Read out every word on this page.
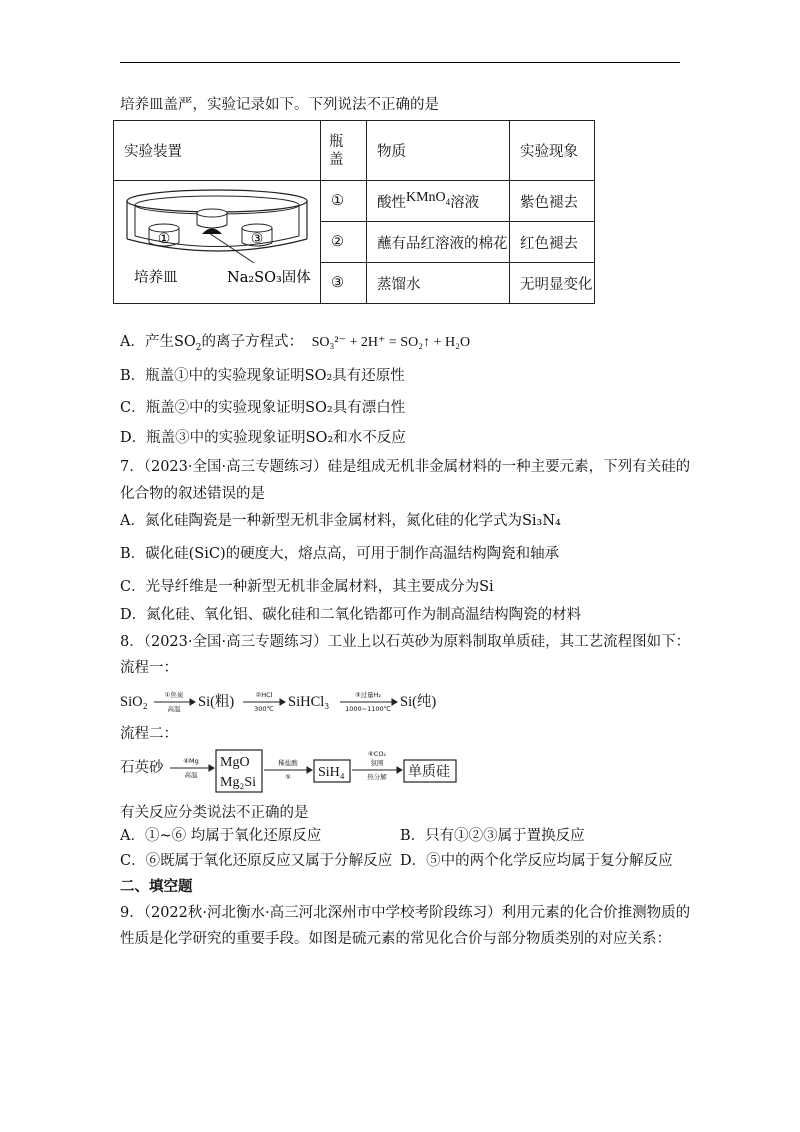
培养皿盖严，实验记录如下。下列说法不正确的是
实验装置	瓶盖	物质	实验现象

① ③
培养皿 Na₂SO₃固体	①	酸性KMnO$_4$溶液	紫色褪去
	②	蘸有品红溶液的棉花	红色褪去
	③	蒸馏水	无明显变化
A．产生$SO_2$的离子方程式： SO₃²⁻ + 2H⁺ = SO₂↑ + H₂O
B．瓶盖①中的实验现象证明SO₂具有还原性
C．瓶盖②中的实验现象证明SO₂具有漂白性
D．瓶盖③中的实验现象证明SO₂和水不反应
7．（2023·全国·高三专题练习）硅是组成无机非金属材料的一种主要元素，下列有关硅的
化合物的叙述错误的是
A．氮化硅陶瓷是一种新型无机非金属材料，氮化硅的化学式为Si₃N₄
B．碳化硅(SiC)的硬度大，熔点高，可用于制作高温结构陶瓷和轴承
C．光导纤维是一种新型无机非金属材料，其主要成分为Si
D．氮化硅、氧化铝、碳化硅和二氧化锆都可作为制高温结构陶瓷的材料
8．（2023·全国·高三专题练习）工业上以石英砂为原料制取单质硅，其工艺流程图如下：
流程一：
SiO₂	Si(粗)	SiHCl₃	Si(纯)
①焦炭
高温
②HCl
300℃
③过量H₂
1000~1100℃
流程二：
石英砂	MgO
Mg₂Si
SiH₄	单质硅
④Mg
高温
稀盐酸
⑤
⑥CO₂
氛围
热分解
有关反应分类说法不正确的是
A．①~⑥ 均属于氧化还原反应	B．只有①②③属于置换反应
C．⑥既属于氧化还原反应又属于分解反应 D．⑤中的两个化学反应均属于复分解反应
二、填空题
9．（2022秋·河北衡水·高三河北深州市中学校考阶段练习）利用元素的化合价推测物质的
性质是化学研究的重要手段。如图是硫元素的常见化合价与部分物质类别的对应关系：
